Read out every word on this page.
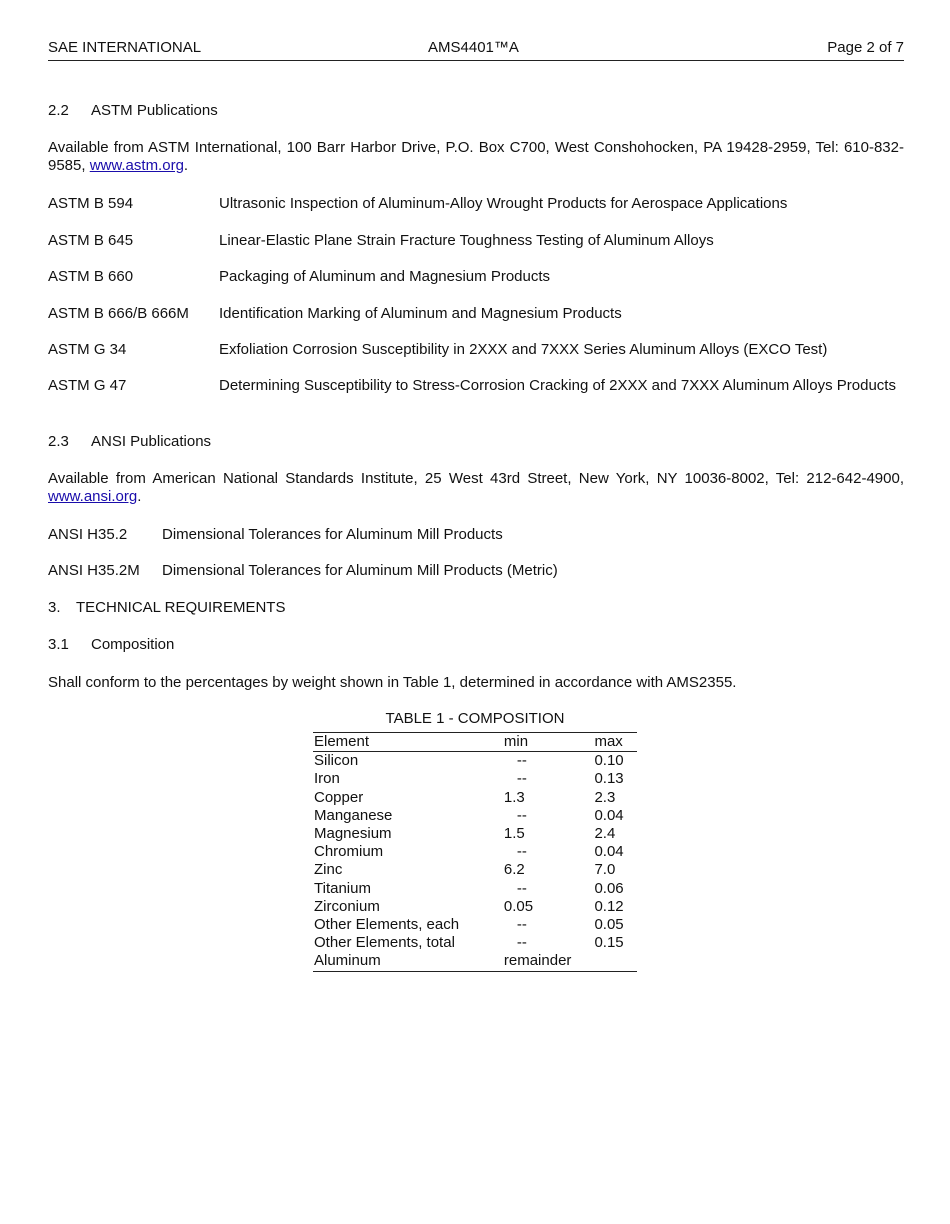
SAE INTERNATIONAL	AMS4401™A	Page 2 of 7
2.2 ASTM Publications
Available from ASTM International, 100 Barr Harbor Drive, P.O. Box C700, West Conshohocken, PA 19428-2959, Tel: 610-832-9585, www.astm.org.
ASTM B 594	Ultrasonic Inspection of Aluminum-Alloy Wrought Products for Aerospace Applications
ASTM B 645	Linear-Elastic Plane Strain Fracture Toughness Testing of Aluminum Alloys
ASTM B 660	Packaging of Aluminum and Magnesium Products
ASTM B 666/B 666M Identification Marking of Aluminum and Magnesium Products
ASTM G 34	Exfoliation Corrosion Susceptibility in 2XXX and 7XXX Series Aluminum Alloys (EXCO Test)
ASTM G 47	Determining Susceptibility to Stress-Corrosion Cracking of 2XXX and 7XXX Aluminum Alloys Products
2.3 ANSI Publications
Available from American National Standards Institute, 25 West 43rd Street, New York, NY 10036-8002, Tel: 212-642-4900, www.ansi.org.
ANSI H35.2 Dimensional Tolerances for Aluminum Mill Products
ANSI H35.2M Dimensional Tolerances for Aluminum Mill Products (Metric)
3. TECHNICAL REQUIREMENTS
3.1 Composition
Shall conform to the percentages by weight shown in Table 1, determined in accordance with AMS2355.
TABLE 1 - COMPOSITION
Element	min	max
Silicon	--	0.10
Iron	--	0.13
Copper	1.3	2.3
Manganese	--	0.04
Magnesium	1.5	2.4
Chromium	--	0.04
Zinc	6.2	7.0
Titanium	--	0.06
Zirconium	0.05	0.12
Other Elements, each	--	0.05
Other Elements, total	--	0.15
Aluminum	remainder	
